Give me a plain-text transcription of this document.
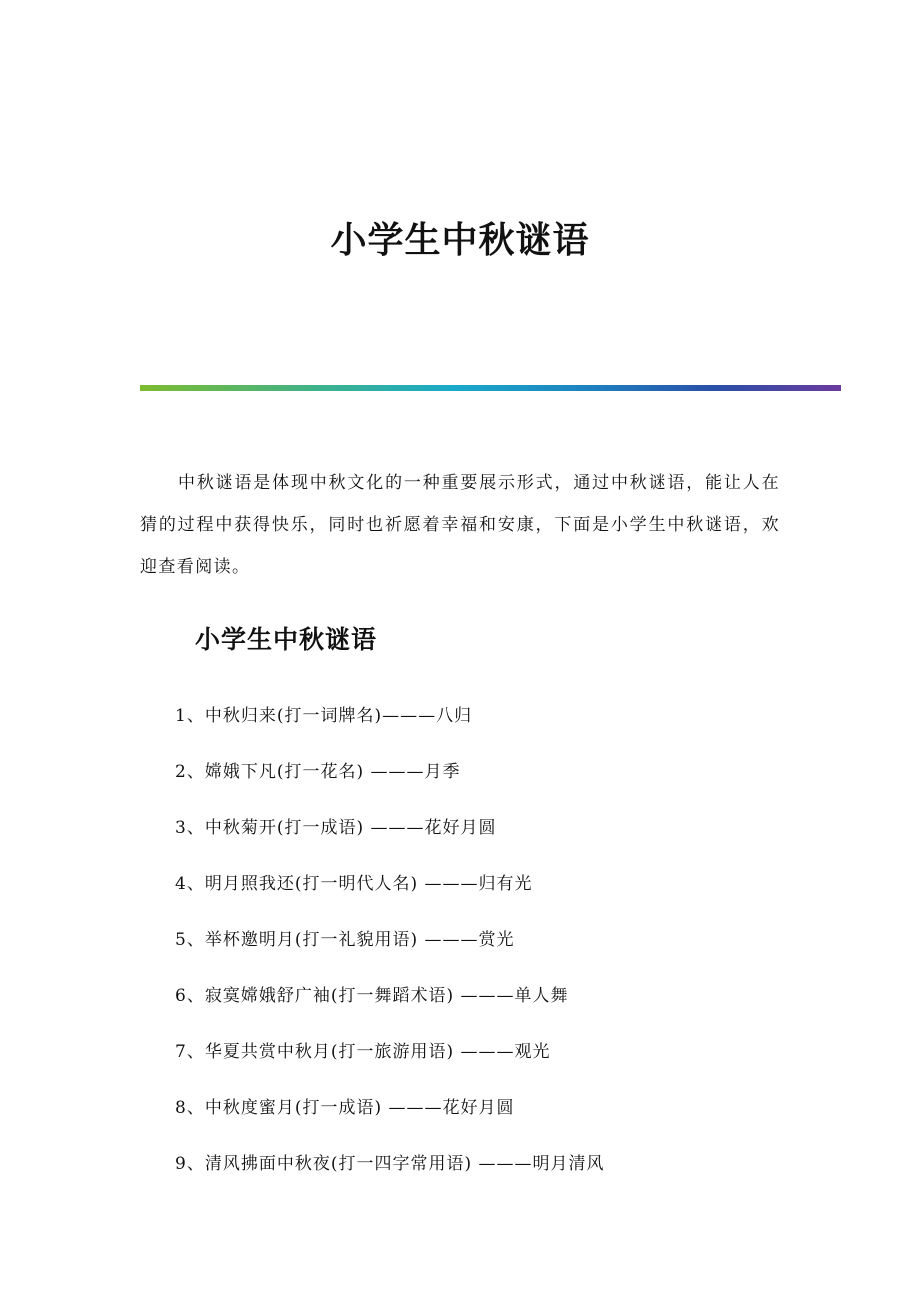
小学生中秋谜语

中秋谜语是体现中秋文化的一种重要展示形式，通过中秋谜语，能让人在猜的过程中获得快乐，同时也祈愿着幸福和安康，下面是小学生中秋谜语，欢迎查看阅读。

小学生中秋谜语
1、中秋归来(打一词牌名)———八归
2、嫦娥下凡(打一花名) ———月季
3、中秋菊开(打一成语) ———花好月圆
4、明月照我还(打一明代人名) ———归有光
5、举杯邀明月(打一礼貌用语) ———赏光
6、寂寞嫦娥舒广袖(打一舞蹈术语) ———单人舞
7、华夏共赏中秋月(打一旅游用语) ———观光
8、中秋度蜜月(打一成语) ———花好月圆
9、清风拂面中秋夜(打一四字常用语) ———明月清风
